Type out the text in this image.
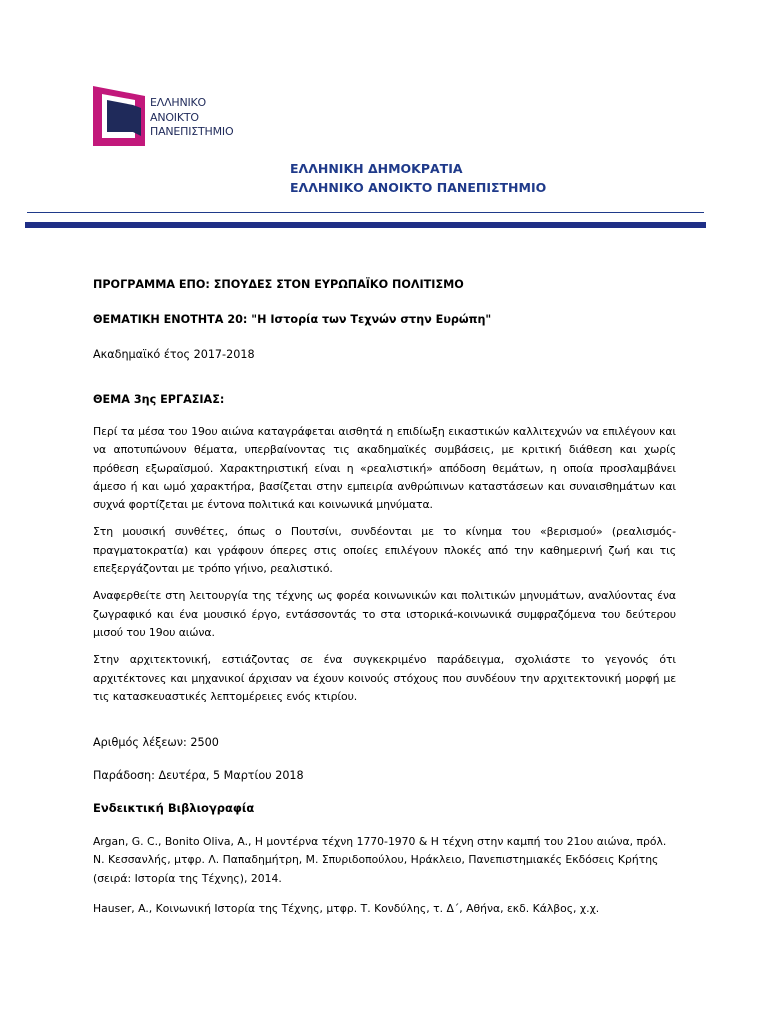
ΕΛΛΗΝΙΚΟ
ΑΝΟΙΚΤΟ
ΠΑΝΕΠΙΣΤΗΜΙΟ
ΕΛΛΗΝΙΚΗ ΔΗΜΟΚΡΑΤΙΑ
ΕΛΛΗΝΙΚΟ ΑΝΟΙΚΤΟ ΠΑΝΕΠΙΣΤΗΜΙΟ

ΠΡΟΓΡΑΜΜΑ ΕΠΟ: ΣΠΟΥΔΕΣ ΣΤΟΝ ΕΥΡΩΠΑΪΚΟ ΠΟΛΙΤΙΣΜΟ

ΘΕΜΑΤΙΚΗ ΕΝΟΤΗΤΑ 20: "Η Ιστορία των Τεχνών στην Ευρώπη"

Ακαδημαϊκό έτος 2017-2018

ΘΕΜΑ 3ης ΕΡΓΑΣΙΑΣ:

Περί τα μέσα του 19ου αιώνα καταγράφεται αισθητά η επιδίωξη εικαστικών καλλιτεχνών να επιλέγουν και να αποτυπώνουν θέματα, υπερβαίνοντας τις ακαδημαϊκές συμβάσεις, με κριτική διάθεση και χωρίς πρόθεση εξωραϊσμού. Χαρακτηριστική είναι η «ρεαλιστική» απόδοση θεμάτων, η οποία προσλαμβάνει άμεσο ή και ωμό χαρακτήρα, βασίζεται στην εμπειρία ανθρώπινων καταστάσεων και συναισθημάτων και συχνά φορτίζεται με έντονα πολιτικά και κοινωνικά μηνύματα.

Στη μουσική συνθέτες, όπως ο Πουτσίνι, συνδέονται με το κίνημα του «βερισμού» (ρεαλισμός-πραγματοκρατία) και γράφουν όπερες στις οποίες επιλέγουν πλοκές από την καθημερινή ζωή και τις επεξεργάζονται με τρόπο γήινο, ρεαλιστικό.

Αναφερθείτε στη λειτουργία της τέχνης ως φορέα κοινωνικών και πολιτικών μηνυμάτων, αναλύοντας ένα ζωγραφικό και ένα μουσικό έργο, εντάσσοντάς το στα ιστορικά-κοινωνικά συμφραζόμενα του δεύτερου μισού του 19ου αιώνα.

Στην αρχιτεκτονική, εστιάζοντας σε ένα συγκεκριμένο παράδειγμα, σχολιάστε το γεγονός ότι αρχιτέκτονες και μηχανικοί άρχισαν να έχουν κοινούς στόχους που συνδέουν την αρχιτεκτονική μορφή με τις κατασκευαστικές λεπτομέρειες ενός κτιρίου.

Αριθμός λέξεων: 2500

Παράδοση: Δευτέρα, 5 Μαρτίου 2018

Ενδεικτική Βιβλιογραφία

Argan, G. C., Bonito Oliva, A., Η μοντέρνα τέχνη 1770-1970 & Η τέχνη στην καμπή του 21ου αιώνα, πρόλ. Ν. Κεσσανλής, μτφρ. Λ. Παπαδημήτρη, Μ. Σπυριδοπούλου, Ηράκλειο, Πανεπιστημιακές Εκδόσεις Κρήτης (σειρά: Ιστορία της Τέχνης), 2014.

Hauser, A., Κοινωνική Ιστορία της Τέχνης, μτφρ. Τ. Κονδύλης, τ. Δ΄, Αθήνα, εκδ. Κάλβος, χ.χ.
